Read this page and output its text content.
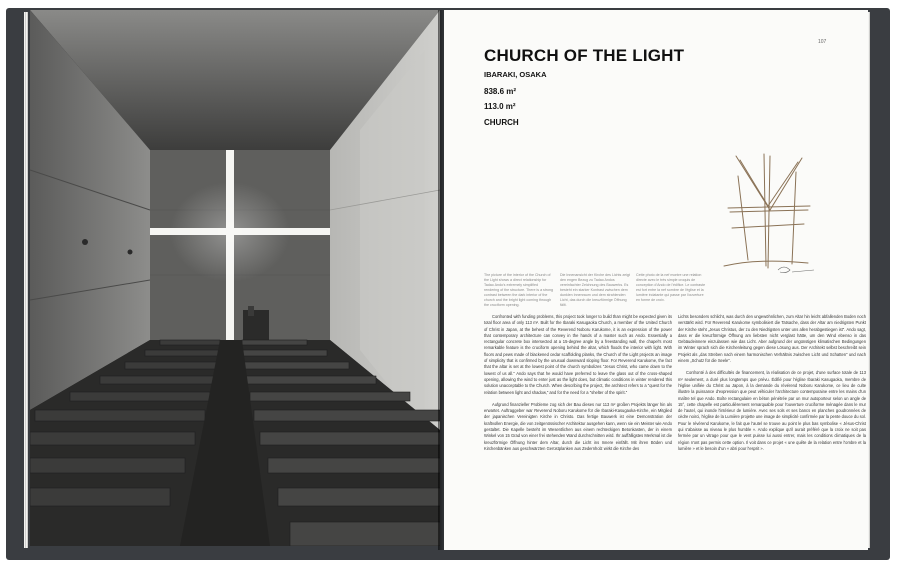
107
CHURCH OF THE LIGHT
IBARAKI, OSAKA
838.6 m²
113.0 m²
CHURCH
The picture of the interior of the Church of the Light shows a direct relationship for Tadao Ando's extremely simplified rendering of the structure. There is a strong contrast between the dark interior of the church and the bright light coming through the cruciform opening.
Die Innenansicht der Kirche des Lichts zeigt den engen Bezug zu Tadao Andos vereinfachter Zeichnung des Bauwerks. Es besteht ein starker Kontrast zwischen dem dunklen Innenraum und dem strahlenden Licht, das durch die kreuzförmige Öffnung fällt.
Cette photo de la nef montre une relation directe avec le très simple croquis de conception d'Ando de l'édifice. Le contraste est fort entre la nef sombre de l'église et la lumière éclatante qui passe par l'ouverture en forme de croix.

Confronted with funding problems, this project took longer to build than might be expected given its total floor area of only 113 m². Built for the Ibaraki Kasugaoka Church, a member of the United Church of Christ in Japan, at the behest of the Reverend Noboru Karukome, it is an expression of the power that contemporary architecture can convey in the hands of a master such as Ando. Essentially a rectangular concrete box intersected at a 15-degree angle by a freestanding wall, the chapel's most remarkable feature is the cruciform opening behind the altar, which floods the interior with light. With floors and pews made of blackened cedar scaffolding planks, the Church of the Light projects an image of simplicity that is confirmed by the unusual downward sloping floor. For Reverend Karukome, the fact that the altar is set at the lowest point of the church symbolizes "Jesus Christ, who came down to the lowest of us all." Ando says that he would have preferred to leave the glass out of the cross-shaped opening, allowing the wind to enter just as the light does, but climatic conditions in winter rendered this solution unacceptable to the Church. When describing the project, the architect refers to a "quest for the relation between light and shadow," and for the need for a "shelter of the spirit."

Aufgrund finanzieller Probleme zog sich der Bau dieses nur 113 m² großen Projekts länger hin als erwartet. Auftraggeber war Reverend Noboru Karukome für die Ibaraki-Kasugaoka-Kirche, ein Mitglied der japanischen Vereinigten Kirche in Christo. Das fertige Bauwerk ist eine Demonstration der kraftvollen Energie, die von zeitgenössischer Architektur ausgehen kann, wenn sie ein Meister wie Ando gestaltet. Die Kapelle besteht im Wesentlichen aus einem rechteckigen Betonkasten, der in einem Winkel von 15 Grad von einer frei stehenden Wand durchschnitten wird. Ihr auffälligstes Merkmal ist die kreuzförmige Öffnung hinter dem Altar, durch die Licht ins Innere einfällt. Mit ihren Böden und Kirchenbänken aus geschwärzten Gerüstplanken aus Zedernholz wirkt die Kirche des

Lichts besonders schlicht, was durch den ungewöhnlichen, zum Altar hin leicht abfallenden Boden noch verstärkt wird. Für Reverend Karukome symbolisiert die Tatsache, dass der Altar am niedrigsten Punkt der Kirche steht „Jesus Christus, der zu den Niedrigsten unter uns allen herabgestiegen ist". Ando sagt, dass er die kreuzförmige Öffnung am liebsten nicht verglast hätte, um den Wind ebenso in das Gebäudeinnere einzulassen wie das Licht. Aber aufgrund der ungünstigen klimatischen Bedingungen im Winter sprach sich die Kirchenleitung gegen diese Lösung aus. Der Architekt selbst beschreibt sein Projekt als „das Streben nach einem harmonischen Verhältnis zwischen Licht und Schatten" und nach einem „Schutz für die Seele".

Confronté à des difficultés de financement, la réalisation de ce projet, d'une surface totale de 113 m² seulement, a duré plus longtemps que prévu. Édifié pour l'église Ibaraki Kasugaoka, membre de l'église unifiée du Christ au Japon, à la demande du révérend Noboru Karukome, ce lieu de culte illustre la puissance d'expression que peut véhiculer l'architecture contemporaine entre les mains d'un maître tel que Ando. Boîte rectangulaire en béton pénétrée par un mur autoporteur selon un angle de 15°, cette chapelle est particulièrement remarquable pour l'ouverture cruciforme ménagée dans le mur de l'autel, qui inonde l'intérieur de lumière. Avec ses sols et ses bancs en planches goudronnées de cèdre noirci, l'église de la Lumière projette une image de simplicité confirmée par la pente douce du sol. Pour le révérend Karukome, le fait que l'autel se trouve au point le plus bas symbolise « Jésus-Christ qui s'abaisse au niveau le plus humble ». Ando explique qu'il aurait préféré que la croix ne soit pas fermée par un vitrage pour que le vent puisse lui aussi entrer, mais les conditions climatiques de la région n'ont pas permis cette option. Il voit dans ce projet « une quête de la relation entre l'ombre et la lumière » et le besoin d'un « abri pour l'esprit ».
